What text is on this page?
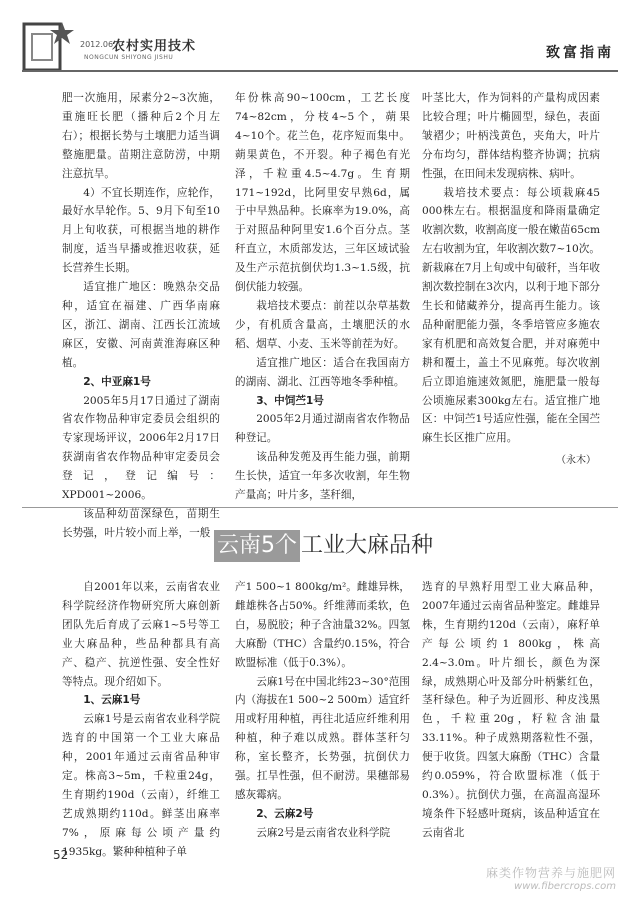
2012.06
农村实用技术
NONGCUN SHIYONG JISHU	致富指南

肥一次施用，尿素分2~3次施，重施旺长肥（播种后2个月左右）；根据长势与土壤肥力适当调整施肥量。苗期注意防涝，中期注意抗旱。

4）不宜长期连作，应轮作，最好水旱轮作。5、9月下旬至10月上旬收获，可根据当地的耕作制度，适当早播或推迟收获，延长营养生长期。

适宜推广地区：晚熟杂交品种，适宜在福建、广西华南麻区，浙江、湖南、江西长江流域麻区，安徽、河南黄淮海麻区种植。

2、中亚麻1号

2005年5月17日通过了湖南省农作物品种审定委员会组织的专家现场评议，2006年2月17日获湖南省农作物品种审定委员会登记，登记编号：XPD001~2006。

该品种幼苗深绿色，苗期生长势强，叶片较小而上举，一般

年份株高90~100cm，工艺长度74~82cm，分枝4~5个，蒴果4~10个。花兰色，花序短而集中。蒴果黄色，不开裂。种子褐色有光泽，千粒重4.5~4.7g。生育期171~192d，比阿里安早熟6d，属于中早熟品种。长麻率为19.0%，高于对照品种阿里安1.6个百分点。茎秆直立，木质部发达，三年区域试验及生产示范抗倒伏均1.3~1.5级，抗倒伏能力较强。

栽培技术要点：前茬以杂草基数少，有机质含量高，土壤肥沃的水稻、烟草、小麦、玉米等前茬为好。

适宜推广地区：适合在我国南方的湖南、湖北、江西等地冬季种植。

3、中饲苎1号

2005年2月通过湖南省农作物品种登记。

该品种发蔸及再生能力强，前期生长快，适宜一年多次收割，年生物产量高；叶片多，茎秆细，

叶茎比大，作为饲料的产量构成因素比较合理；叶片椭圆型，绿色，表面皱褶少；叶柄浅黄色，夹角大，叶片分布均匀，群体结构整齐协调；抗病性强，在田间未发现病株、病叶。

栽培技术要点：每公顷栽麻45 000株左右。根据温度和降雨量确定收割次数，收割高度一般在嫩苗65cm左右收割为宜，年收割次数7~10次。新栽麻在7月上旬或中旬破秆，当年收割次数控制在3次内，以利于地下部分生长和储藏养分，提高再生能力。该品种耐肥能力强，冬季培管应多施农家有机肥和高效复合肥，并对麻蔸中耕和覆土，盖土不见麻蔸。每次收割后立即追施速效氮肥，施肥量一般每公顷施尿素300kg左右。适宜推广地区：中饲苎1号适应性强，能在全国苎麻生长区推广应用。

（永木）
云南5个 工业大麻品种

自2001年以来，云南省农业科学院经济作物研究所大麻创新团队先后育成了云麻1~5号等工业大麻品种，些品种都具有高产、稳产、抗逆性强、安全性好等特点。现介绍如下。

1、云麻1号

云麻1号是云南省农业科学院选育的中国第一个工业大麻品种，2001年通过云南省品种审定。株高3~5m，千粒重24g，生育期约190d（云南），纤维工艺成熟期约110d。鲜茎出麻率7%，原麻每公顷产量约1935kg。繁种种植种子单

产1 500~1 800kg/m²。雌雄异株，雌雄株各占50%。纤维薄而柔软，色白，易脱胶；种子含油量32%。四氢大麻酚（THC）含量约0.15%，符合欧盟标准（低于0.3%）。

云麻1号在中国北纬23~30°范围内（海拔在1 500~2 500m）适宜纤用或籽用种植，再往北适应纤维利用种植，种子难以成熟。群体茎秆匀称，室长整齐，长势强，抗倒伏力强。扛旱性强，但不耐涝。果穗部易感灰霉病。

2、云麻2号

云麻2号是云南省农业科学院

选育的早熟籽用型工业大麻品种，2007年通过云南省品种鉴定。雌雄异株，生育期约120d（云南），麻籽单产每公顷约1 800kg，株高2.4~3.0m。叶片细长，颜色为深绿，成熟期心叶及部分叶柄紫红色，茎秆绿色。种子为近圆形、种皮浅黑色，千粒重20g，籽粒含油量33.11%。种子成熟期落粒性不强，便于收货。四氢大麻酚（THC）含量约0.059%，符合欧盟标准（低于0.3%）。抗倒伏力强，在高温高湿环境条件下轻感叶斑病，该品种适宜在云南省北

52
麻类作物营养与施肥网
www.fibercrops.com
